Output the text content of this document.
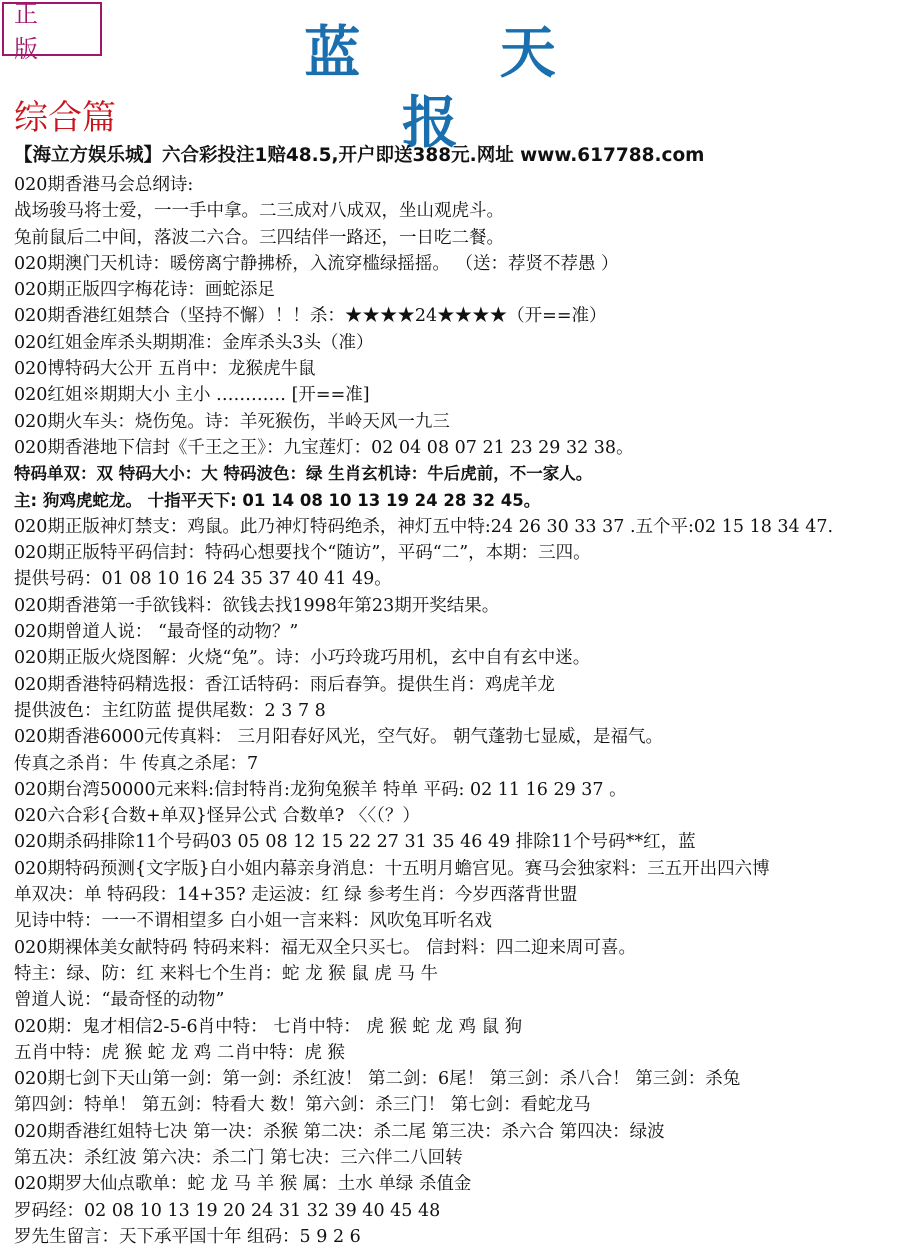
正 版	蓝 天 报
综合篇
【海立方娱乐城】六合彩投注1赔48.5,开户即送388元.网址 www.617788.com
020期香港马会总纲诗:
战场骏马将士爱，一一手中拿。二三成对八成双，坐山观虎斗。
兔前鼠后二中间，落波二六合。三四结伴一路还，一日吃二餐。
020期澳门天机诗：暖傍离宁静拂桥，入流穿槛绿摇摇。 （送：荐贤不荐愚 ）
020期正版四字梅花诗：画蛇添足
020期香港红姐禁合（坚持不懈）！！杀：★★★★24★★★★（开==准）
020红姐金库杀头期期准：金库杀头3头（准）
020博特码大公开 五肖中：龙猴虎牛鼠
020红姐※期期大小 主小 ………… [开==准]
020期火车头：烧伤兔。诗：羊死猴伤，半岭天风一九三
020期香港地下信封《千王之王》：九宝莲灯：02 04 08 07 21 23 29 32 38。
特码单双：双 特码大小：大 特码波色：绿 生肖玄机诗：牛后虎前，不一家人。
主: 狗鸡虎蛇龙。 十指平天下: 01 14 08 10 13 19 24 28 32 45。
020期正版神灯禁支：鸡鼠。此乃神灯特码绝杀，神灯五中特:24 26 30 33 37 .五个平:02 15 18 34 47.
020期正版特平码信封：特码心想要找个“随访”，平码“二”，本期：三四。
提供号码：01 08 10 16 24 35 37 40 41 49。
020期香港第一手欲钱料：欲钱去找1998年第23期开奖结果。
020期曾道人说： “最奇怪的动物？”
020期正版火烧图解：火烧“兔”。诗：小巧玲珑巧用机，玄中自有玄中迷。
020期香港特码精选报：香江话特码：雨后春笋。提供生肖：鸡虎羊龙
提供波色：主红防蓝 提供尾数：2 3 7 8
020期香港6000元传真料： 三月阳春好风光，空气好。 朝气蓬勃七显威，是福气。
传真之杀肖：牛 传真之杀尾：7
020期台湾50000元来料:信封特肖:龙狗兔猴羊 特单 平码: 02 11 16 29 37 。
020六合彩{合数+单双}怪异公式 合数单? 〈〈（？）
020期杀码排除11个号码03 05 08 12 15 22 27 31 35 46 49 排除11个号码**红，蓝
020期特码预测{文字版}白小姐内幕亲身消息：十五明月蟾宫见。赛马会独家料：三五开出四六博
单双决：单 特码段：14+35? 走运波：红 绿 参考生肖：今岁西落背世盟
见诗中特：一一不谓相望多 白小姐一言来料：风吹兔耳听名戏
020期裸体美女献特码 特码来料：福无双全只买七。 信封料：四二迎来周可喜。
特主：绿、防：红 来料七个生肖：蛇 龙 猴 鼠 虎 马 牛
曾道人说：“最奇怪的动物”
020期：鬼才相信2-5-6肖中特： 七肖中特： 虎 猴 蛇 龙 鸡 鼠 狗
五肖中特：虎 猴 蛇 龙 鸡 二肖中特：虎 猴
020期七剑下天山第一剑：第一剑：杀红波！ 第二剑：6尾！ 第三剑：杀八合！ 第三剑：杀兔
第四剑：特单！ 第五剑：特看大 数！第六剑：杀三门！ 第七剑：看蛇龙马
020期香港红姐特七决 第一决：杀猴 第二决：杀二尾 第三决：杀六合 第四决：绿波
第五决：杀红波 第六决：杀二门 第七决：三六伴二八回转
020期罗大仙点歌单：蛇 龙 马 羊 猴 属：土水 单绿 杀值金
罗码经：02 08 10 13 19 20 24 31 32 39 40 45 48
罗先生留言：天下承平国十年 组码：5 9 2 6
